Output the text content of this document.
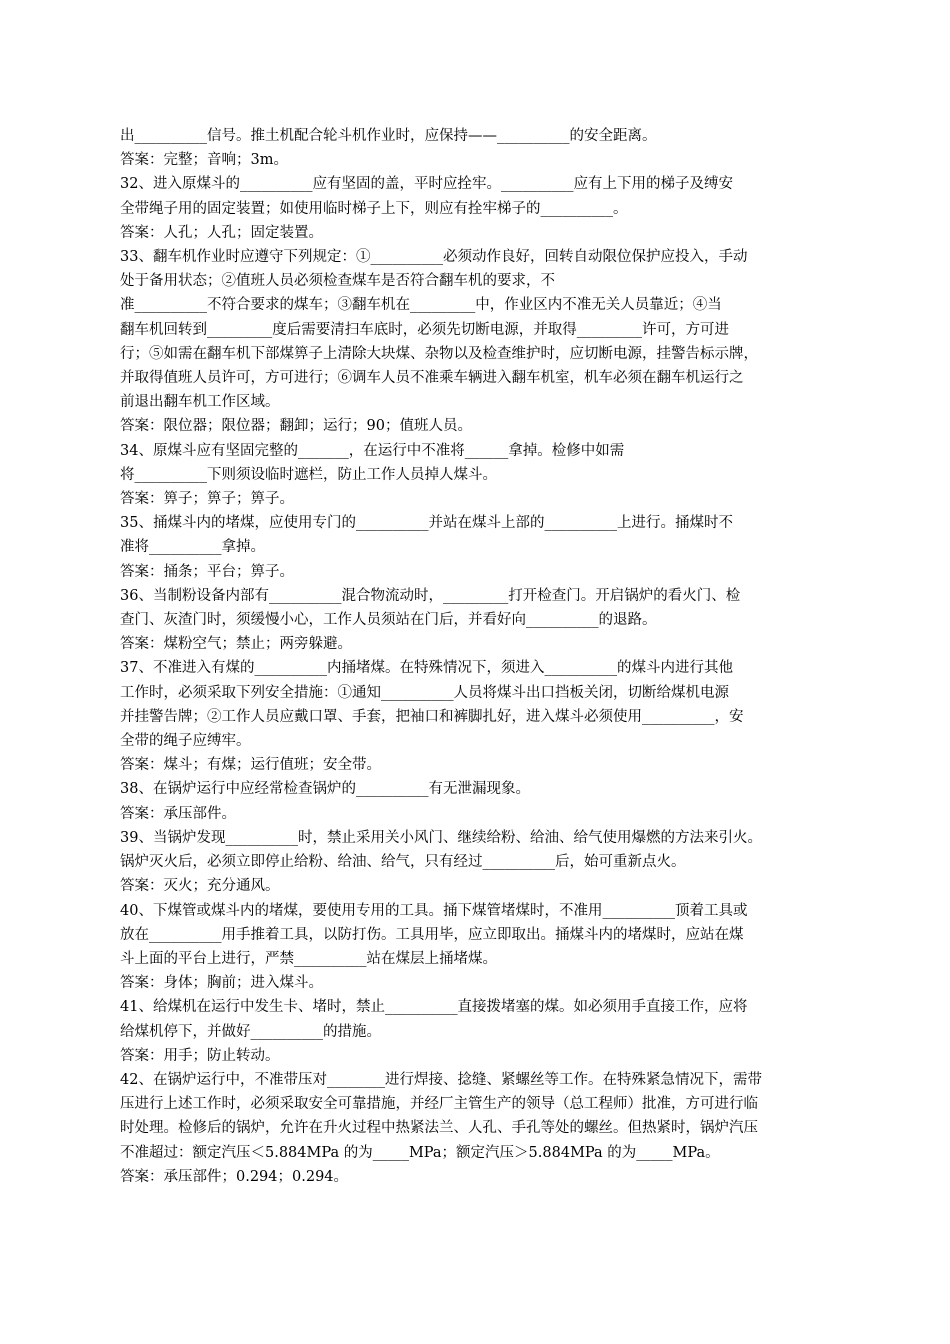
出__________信号。推土机配合轮斗机作业时，应保持——__________的安全距离。
答案：完整；音响；3m。
32、进入原煤斗的__________应有坚固的盖，平时应拴牢。__________应有上下用的梯子及缚安
全带绳子用的固定装置；如使用临时梯子上下，则应有拴牢梯子的__________。
答案：人孔；人孔；固定装置。
33、翻车机作业时应遵守下列规定：①__________必须动作良好，回转自动限位保护应投入，手动
处于备用状态；②值班人员必须检查煤车是否符合翻车机的要求，不
准__________不符合要求的煤车；③翻车机在_________中，作业区内不准无关人员靠近；④当
翻车机回转到_________度后需要清扫车底时，必须先切断电源，并取得_________许可，方可进
行；⑤如需在翻车机下部煤箅子上清除大块煤、杂物以及检查维护时，应切断电源，挂警告标示牌，
并取得值班人员许可，方可进行；⑥调车人员不准乘车辆进入翻车机室，机车必须在翻车机运行之
前退出翻车机工作区域。
答案：限位器；限位器；翻卸；运行；90；值班人员。
34、原煤斗应有坚固完整的_______，在运行中不准将______拿掉。检修中如需
将__________下则须设临时遮栏，防止工作人员掉人煤斗。
答案：箅子；箅子；箅子。
35、捅煤斗内的堵煤，应使用专门的__________并站在煤斗上部的__________上进行。捅煤时不
准将__________拿掉。
答案：捅条；平台；箅子。
36、当制粉设备内部有__________混合物流动时，_________打开检查门。开启锅炉的看火门、检
查门、灰渣门时，须缓慢小心，工作人员须站在门后，并看好向__________的退路。
答案：煤粉空气；禁止；两旁躲避。
37、不准进入有煤的__________内捅堵煤。在特殊情况下，须进入__________的煤斗内进行其他
工作时，必须采取下列安全措施：①通知__________人员将煤斗出口挡板关闭，切断给煤机电源
并挂警告牌；②工作人员应戴口罩、手套，把袖口和裤脚扎好，进入煤斗必须使用__________，安
全带的绳子应缚牢。
答案：煤斗；有煤；运行值班；安全带。
38、在锅炉运行中应经常检查锅炉的__________有无泄漏现象。
答案：承压部件。
39、当锅炉发现__________时，禁止采用关小风门、继续给粉、给油、给气使用爆燃的方法来引火。
锅炉灭火后，必须立即停止给粉、给油、给气，只有经过__________后，始可重新点火。
答案：灭火；充分通风。
40、下煤管或煤斗内的堵煤，要使用专用的工具。捅下煤管堵煤时，不准用__________顶着工具或
放在__________用手推着工具，以防打伤。工具用毕，应立即取出。捅煤斗内的堵煤时，应站在煤
斗上面的平台上进行，严禁__________站在煤层上捅堵煤。
答案：身体；胸前；进入煤斗。
41、给煤机在运行中发生卡、堵时，禁止__________直接拨堵塞的煤。如必须用手直接工作，应将
给煤机停下，并做好__________的措施。
答案：用手；防止转动。
42、在锅炉运行中，不准带压对________进行焊接、捻缝、紧螺丝等工作。在特殊紧急情况下，需带
压进行上述工作时，必须采取安全可靠措施，并经厂主管生产的领导（总工程师）批准，方可进行临
时处理。检修后的锅炉，允许在升火过程中热紧法兰、人孔、手孔等处的螺丝。但热紧时，锅炉汽压
不准超过：额定汽压＜5.884MPa 的为_____MPa；额定汽压＞5.884MPa 的为_____MPa。
答案：承压部件；0.294；0.294。
